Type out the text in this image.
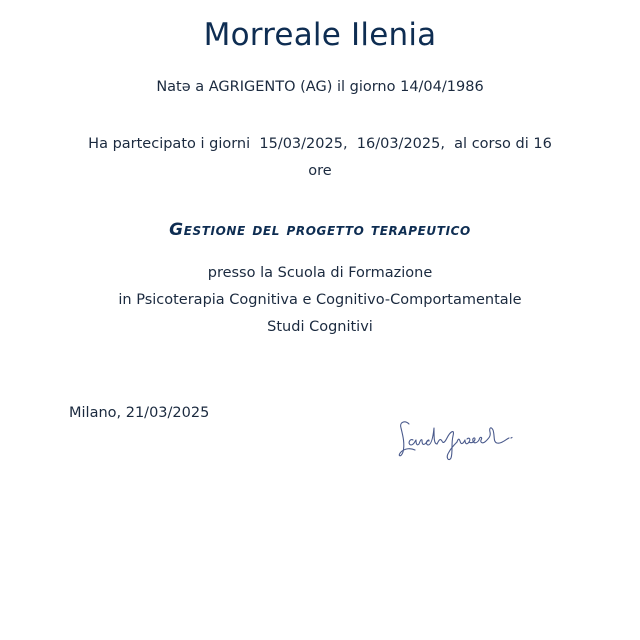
Morreale Ilenia
Natə a AGRIGENTO (AG) il giorno 14/04/1986
Ha partecipato i giorni  15/03/2025,  16/03/2025,  al corso di 16
ore
Gestione del progetto terapeutico
presso la Scuola di Formazione
in Psicoterapia Cognitiva e Cognitivo-Comportamentale
Studi Cognitivi
Milano, 21/03/2025
